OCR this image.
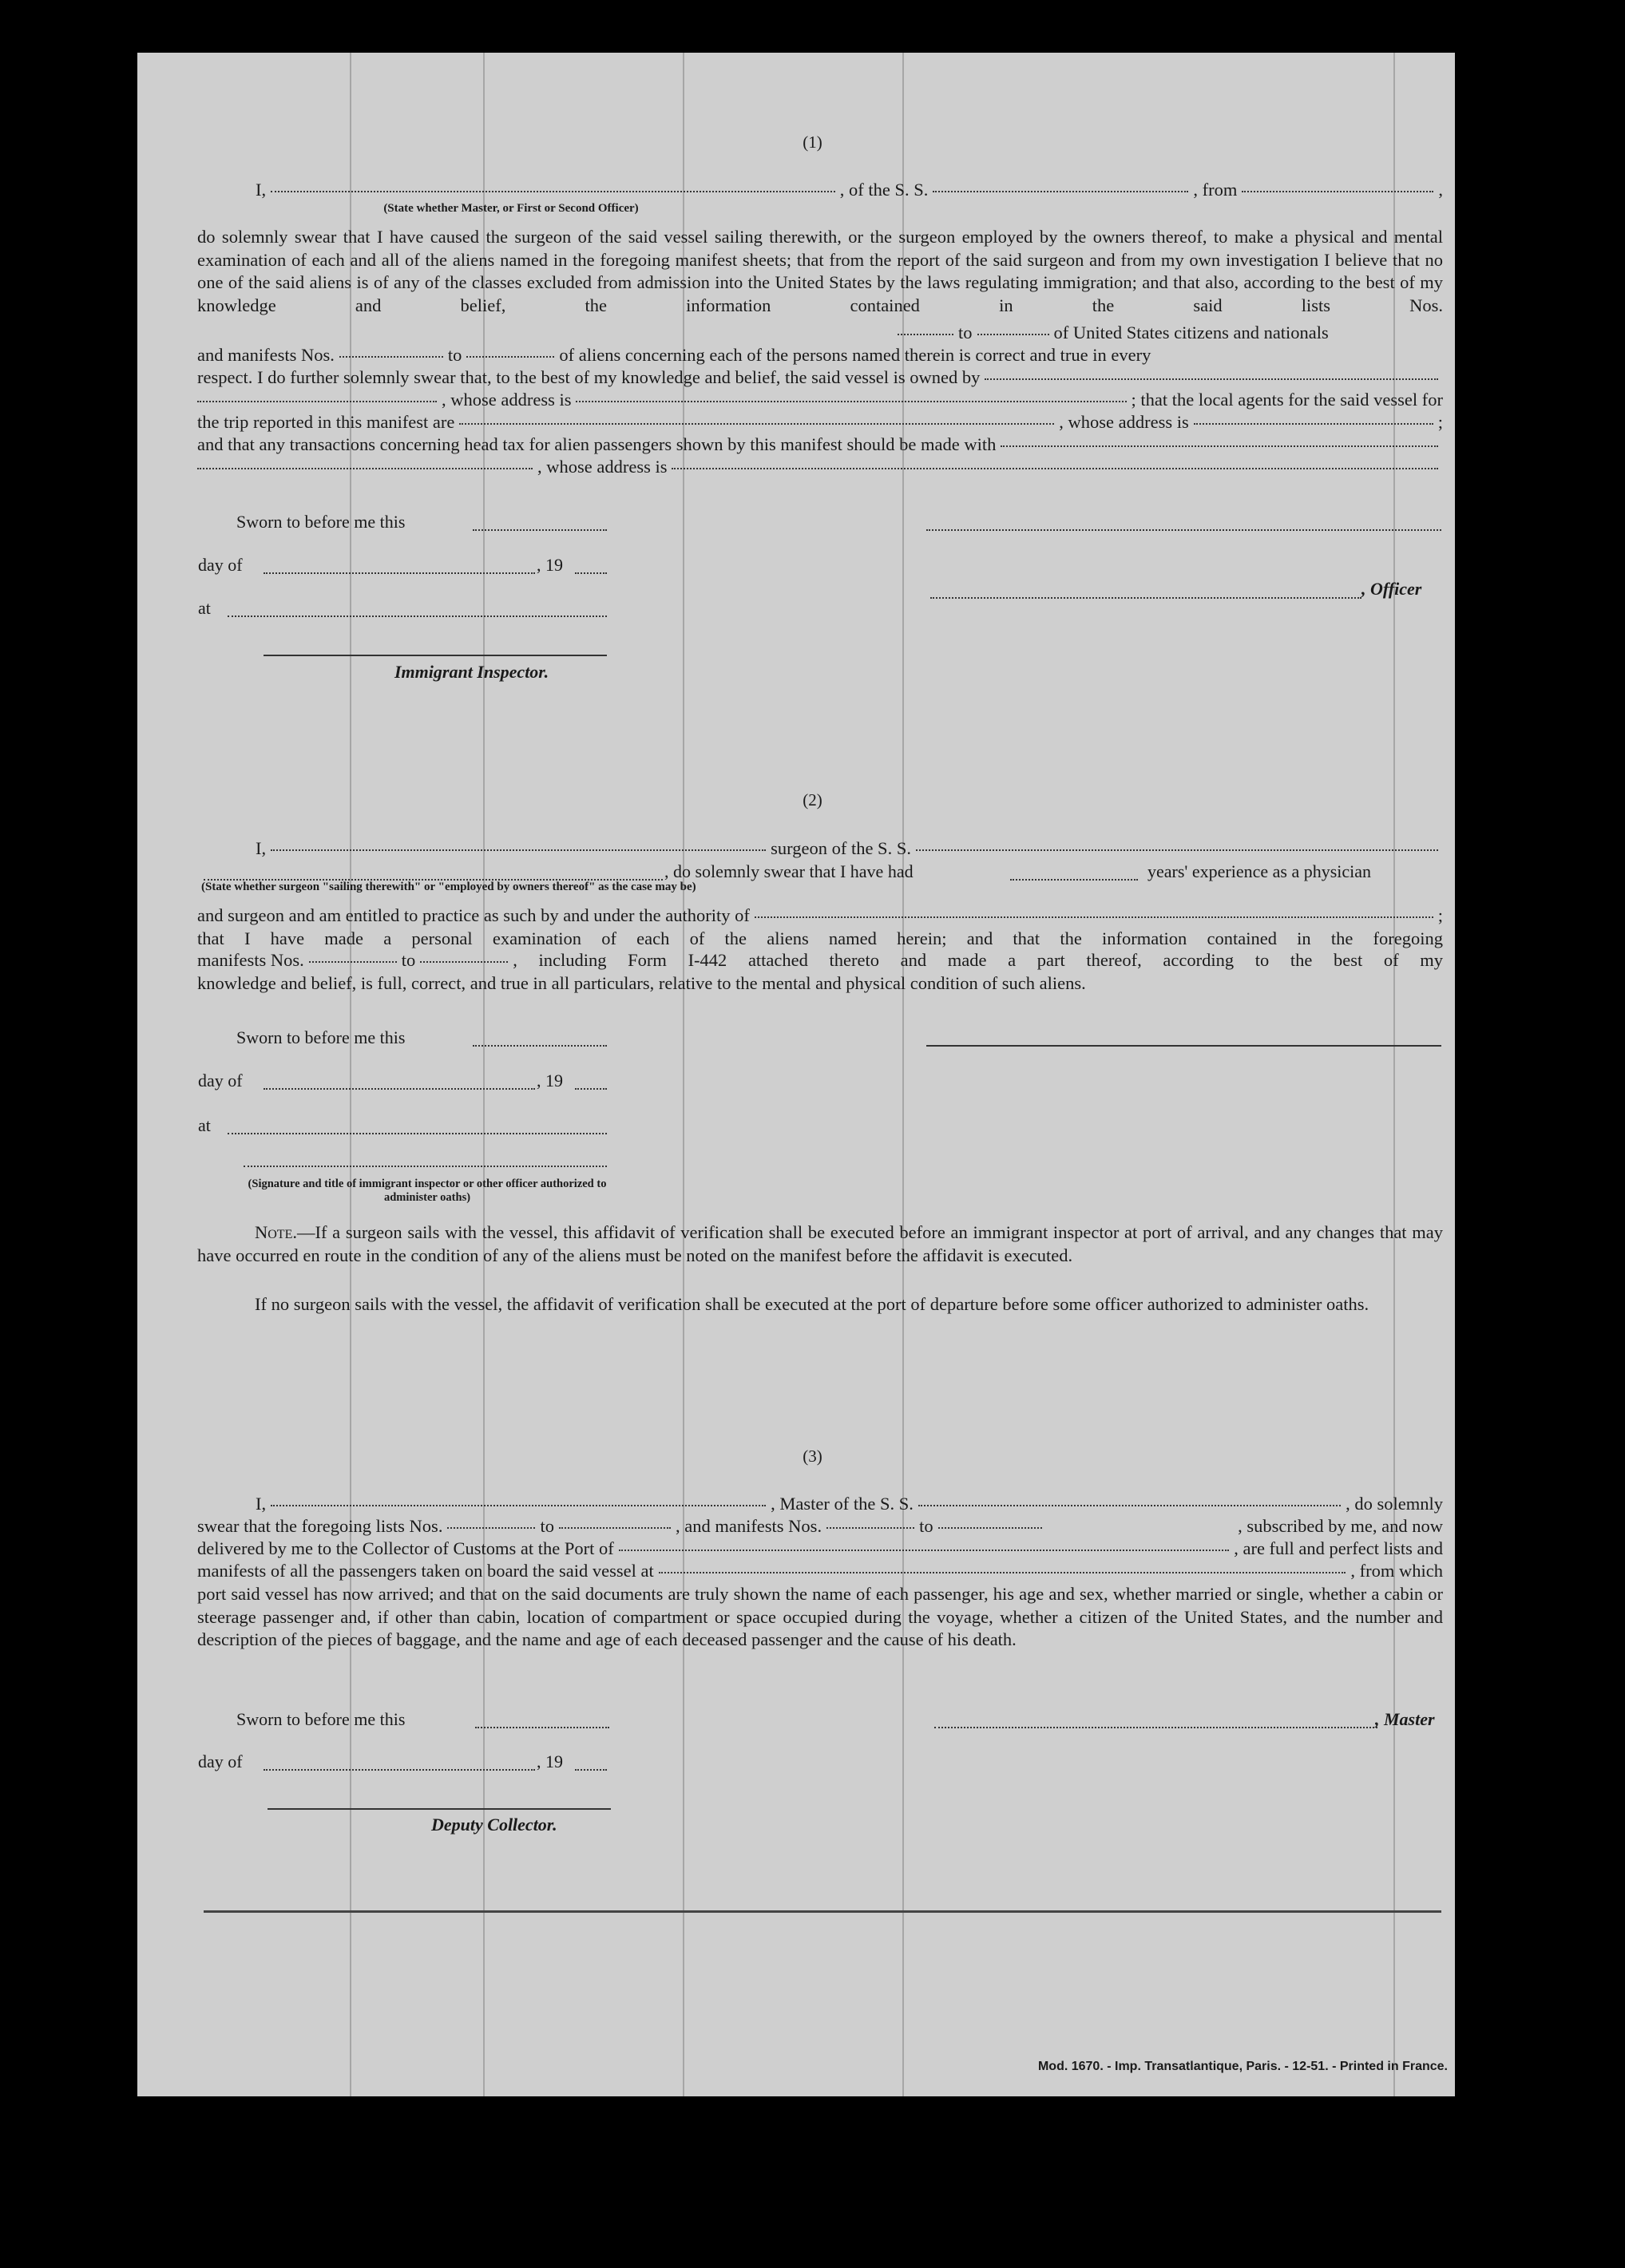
(1)
I,	, of the S. S.	, from	,
(State whether Master, or First or Second Officer)
do solemnly swear that I have caused the surgeon of the said vessel sailing therewith, or the surgeon employed by the owners thereof, to make a physical and mental examination of each and all of the aliens named in the foregoing manifest sheets; that from the report of the said surgeon and from my own investigation I believe that no one of the said aliens is of any of the classes excluded from admission into the United States by the laws regulating immigration; and that also, according to the best of my knowledge and belief, the information contained in the said lists Nos.
to	of United States citizens and nationals
and manifests Nos.	to	of aliens concerning each of the persons named therein is correct and true in every
respect. I do further solemnly swear that, to the best of my knowledge and belief, the said vessel is owned by
, whose address is	; that the local agents for the said vessel for
the trip reported in this manifest are	, whose address is	;
and that any transactions concerning head tax for alien passengers shown by this manifest should be made with
, whose address is
Sworn to before me this
day of	, 19
, Officer
at
Immigrant Inspector.
(2)
I,	surgeon of the S. S.
, do solemnly swear that I have had	years' experience as a physician
(State whether surgeon "sailing therewith" or "employed by owners thereof" as the case may be)
and surgeon and am entitled to practice as such by and under the authority of	;
that I have made a personal examination of each of the aliens named herein; and that the information contained in the foregoing
manifests Nos.	to	, including Form I-442 attached thereto and made a part thereof, according to the best of my
knowledge and belief, is full, correct, and true in all particulars, relative to the mental and physical condition of such aliens.
Sworn to before me this
day of	, 19
at
(Signature and title of immigrant inspector or other officer authorized to administer oaths)
Note.—If a surgeon sails with the vessel, this affidavit of verification shall be executed before an immigrant inspector at port of arrival, and any changes that may have occurred en route in the condition of any of the aliens must be noted on the manifest before the affidavit is executed.
If no surgeon sails with the vessel, the affidavit of verification shall be executed at the port of departure before some officer authorized to administer oaths.
(3)
I,	, Master of the S. S.	, do solemnly
swear that the foregoing lists Nos.	to	, and manifests Nos.	to	, subscribed by me, and now
delivered by me to the Collector of Customs at the Port of	, are full and perfect lists and
manifests of all the passengers taken on board the said vessel at	, from which
port said vessel has now arrived; and that on the said documents are truly shown the name of each passenger, his age and sex, whether married or single, whether a cabin or steerage passenger and, if other than cabin, location of compartment or space occupied during the voyage, whether a citizen of the United States, and the number and description of the pieces of baggage, and the name and age of each deceased passenger and the cause of his death.
Sworn to before me this	, Master
day of	, 19
Deputy Collector.
Mod. 1670. - Imp. Transatlantique, Paris. - 12-51. - Printed in France.
